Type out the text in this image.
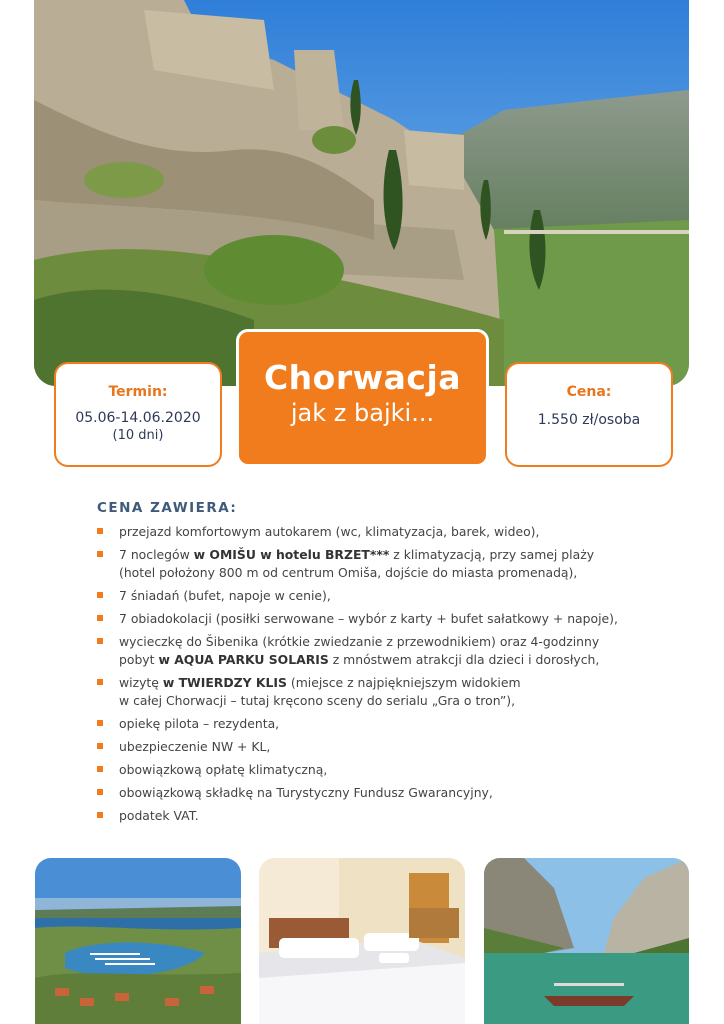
Termin:
05.06-14.06.2020
(10 dni)
Chorwacja
jak z bajki...
Cena:
1.550 zł/osoba
CENA ZAWIERA:
przejazd komfortowym autokarem (wc, klimatyzacja, barek, wideo),
7 noclegów w OMIŠU w hotelu BRZET*** z klimatyzacją, przy samej plaży
(hotel położony 800 m od centrum Omiša, dojście do miasta promenadą),
7 śniadań (bufet, napoje w cenie),
7 obiadokolacji (posiłki serwowane – wybór z karty + bufet sałatkowy + napoje),
wycieczkę do Šibenika (krótkie zwiedzanie z przewodnikiem) oraz 4-godzinny
pobyt w AQUA PARKU SOLARIS z mnóstwem atrakcji dla dzieci i dorosłych,
wizytę w TWIERDZY KLIS (miejsce z najpiękniejszym widokiem
w całej Chorwacji – tutaj kręcono sceny do serialu „Gra o tron”),
opiekę pilota – rezydenta,
ubezpieczenie NW + KL,
obowiązkową opłatę klimatyczną,
obowiązkową składkę na Turystyczny Fundusz Gwarancyjny,
podatek VAT.
